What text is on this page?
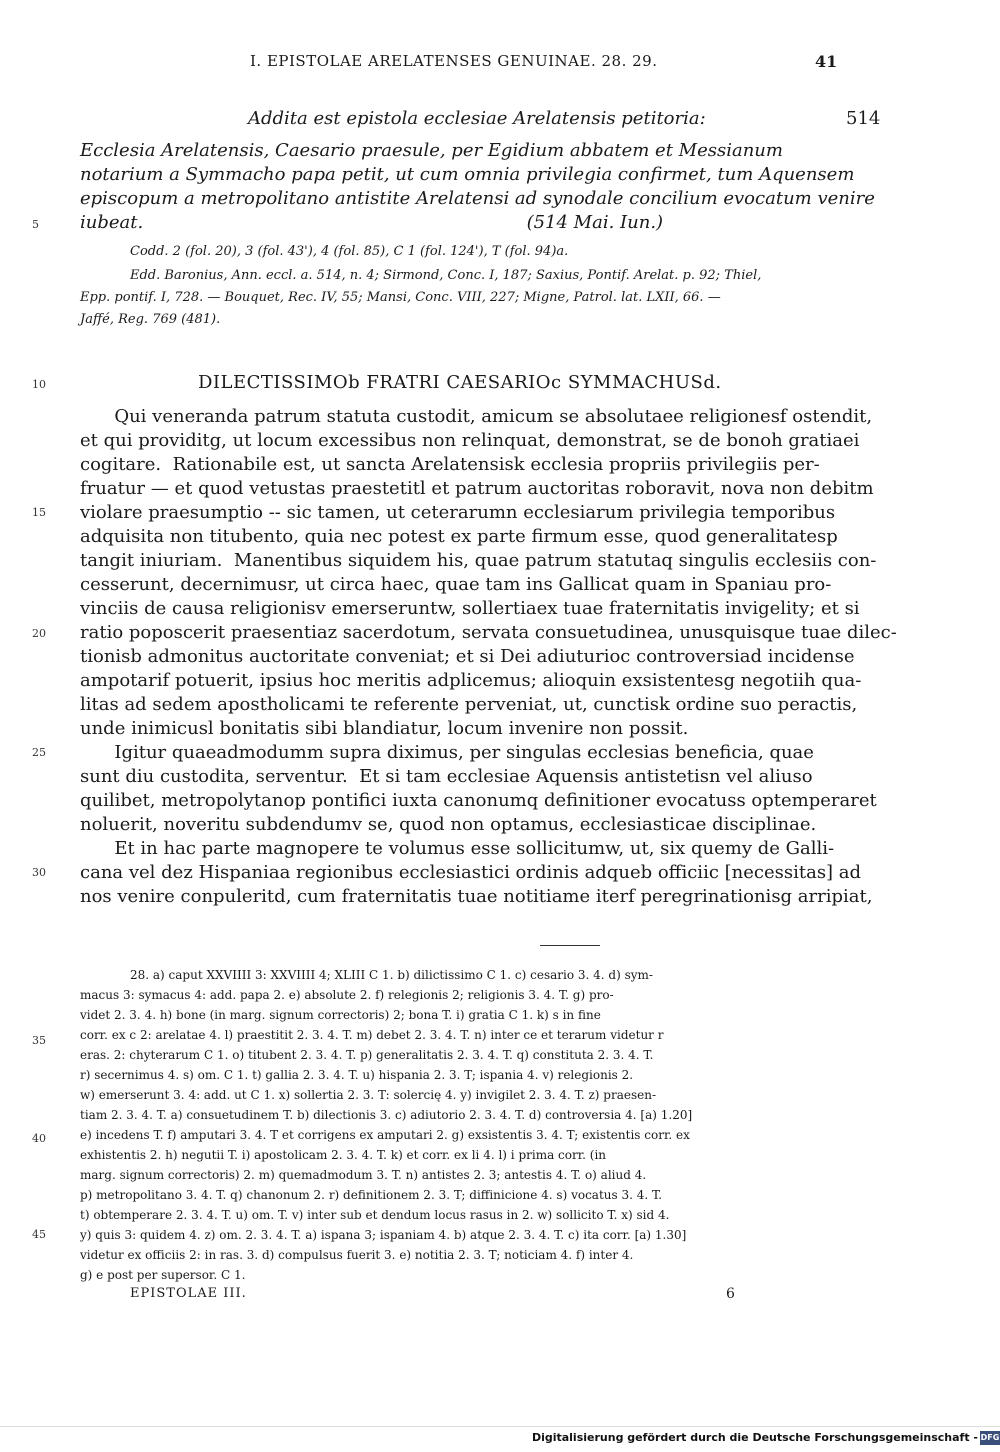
I. EPISTOLAE ARELATENSES GENUINAE. 28. 29.	41
Addita est epistola ecclesiae Arelatensis petitoria:	514
Ecclesia Arelatensis, Caesario praesule, per Egidium abbatem et Messianum
notarium a Symmacho papa petit, ut cum omnia privilegia confirmet, tum Aquensem
episcopum a metropolitano antistite Arelatensi ad synodale concilium evocatum venire
iubeat.                                                                   (514 Mai. Iun.)
Codd. 2 (fol. 20), 3 (fol. 43'), 4 (fol. 85), C 1 (fol. 124'), T (fol. 94)a.
Edd. Baronius, Ann. eccl. a. 514, n. 4; Sirmond, Conc. I, 187; Saxius, Pontif. Arelat. p. 92; Thiel,
Epp. pontif. I, 728. — Bouquet, Rec. IV, 55; Mansi, Conc. VIII, 227; Migne, Patrol. lat. LXII, 66. —
Jaffé, Reg. 769 (481).
5
10
15
20
25
30
35
40
45
DILECTISSIMOb FRATRI CAESARIOc SYMMACHUSd.
Qui veneranda patrum statuta custodit, amicum se absolutaee religionesf ostendit,
et qui providitg, ut locum excessibus non relinquat, demonstrat, se de bonoh gratiaei
cogitare.  Rationabile est, ut sancta Arelatensisk ecclesia propriis privilegiis per-
fruatur — et quod vetustas praestetitl et patrum auctoritas roboravit, nova non debitm
violare praesumptio -- sic tamen, ut ceterarumn ecclesiarum privilegia temporibus
adquisita non titubento, quia nec potest ex parte firmum esse, quod generalitatesp
tangit iniuriam.  Manentibus siquidem his, quae patrum statutaq singulis ecclesiis con-
cesserunt, decernimusr, ut circa haec, quae tam ins Gallicat quam in Spaniau pro-
vinciis de causa religionisv emerseruntw, sollertiaex tuae fraternitatis invigelity; et si
ratio poposcerit praesentiaz sacerdotum, servata consuetudinea, unusquisque tuae dilec-
tionisb admonitus auctoritate conveniat; et si Dei adiuturioc controversiad incidense
ampotarif potuerit, ipsius hoc meritis adplicemus; alioquin exsistentesg negotiih qua-
litas ad sedem apostholicami te referente perveniat, ut, cunctisk ordine suo peractis,
unde inimicusl bonitatis sibi blandiatur, locum invenire non possit.
Igitur quaeadmodumm supra diximus, per singulas ecclesias beneficia, quae
sunt diu custodita, serventur.  Et si tam ecclesiae Aquensis antistetisn vel aliuso
quilibet, metropolytanop pontifici iuxta canonumq definitioner evocatuss optemperaret
noluerit, noveritu subdendumv se, quod non optamus, ecclesiasticae disciplinae.
Et in hac parte magnopere te volumus esse sollicitumw, ut, six quemy de Galli-
cana vel dez Hispaniaa regionibus ecclesiastici ordinis adqueb officiic [necessitas] ad
nos venire conpuleritd, cum fraternitatis tuae notitiame iterf peregrinationisg arripiat,
28. a) caput XXVIIII 3: XXVIIII 4; XLIII C 1. b) dilictissimo C 1. c) cesario 3. 4. d) sym-
macus 3: symacus 4: add. papa 2. e) absolute 2. f) relegionis 2; religionis 3. 4. T. g) pro-
videt 2. 3. 4. h) bone (in marg. signum correctoris) 2; bona T. i) gratia C 1. k) s in fine
corr. ex c 2: arelatae 4. l) praestitit 2. 3. 4. T. m) debet 2. 3. 4. T. n) inter ce et terarum videtur r
eras. 2: chyterarum C 1. o) titubent 2. 3. 4. T. p) generalitatis 2. 3. 4. T. q) constituta 2. 3. 4. T.
r) secernimus 4. s) om. C 1. t) gallia 2. 3. 4. T. u) hispania 2. 3. T; ispania 4. v) relegionis 2.
w) emerserunt 3. 4: add. ut C 1. x) sollertia 2. 3. T: solercię 4. y) invigilet 2. 3. 4. T. z) praesen-
tiam 2. 3. 4. T. a) consuetudinem T. b) dilectionis 3. c) adiutorio 2. 3. 4. T. d) controversia 4. [a) 1.20]
e) incedens T. f) amputari 3. 4. T et corrigens ex amputari 2. g) exsistentis 3. 4. T; existentis corr. ex
exhistentis 2. h) negutii T. i) apostolicam 2. 3. 4. T. k) et corr. ex li 4. l) i prima corr. (in
marg. signum correctoris) 2. m) quemadmodum 3. T. n) antistes 2. 3; antestis 4. T. o) aliud 4.
p) metropolitano 3. 4. T. q) chanonum 2. r) definitionem 2. 3. T; diffinicione 4. s) vocatus 3. 4. T.
t) obtemperare 2. 3. 4. T. u) om. T. v) inter sub et dendum locus rasus in 2. w) sollicito T. x) sid 4.
y) quis 3: quidem 4. z) om. 2. 3. 4. T. a) ispana 3; ispaniam 4. b) atque 2. 3. 4. T. c) ita corr. [a) 1.30]
videtur ex officiis 2: in ras. 3. d) compulsus fuerit 3. e) notitia 2. 3. T; noticiam 4. f) inter 4.
g) e post per supersor. C 1.
EPISTOLAE III.	6
Digitalisierung gefördert durch die Deutsche Forschungsgemeinschaft - DFG
